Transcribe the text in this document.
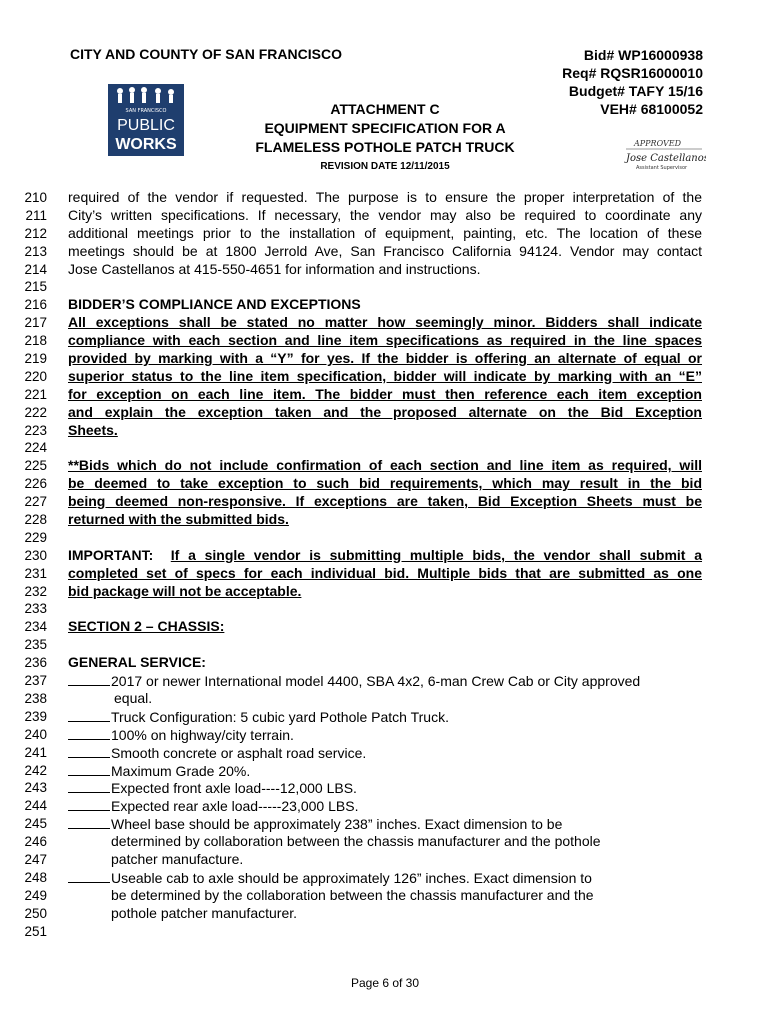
CITY AND COUNTY OF SAN FRANCISCO	Bid# WP16000938
Req# RQSR16000010
Budget# TAFY 15/16
VEH# 68100052
SAN FRANCISCO
PUBLIC
WORKS
ATTACHMENT C
EQUIPMENT SPECIFICATION FOR A
FLAMELESS POTHOLE PATCH TRUCK
REVISION DATE 12/11/2015
APPROVED
Jose Castellanos
Assistant Supervisor
210 required of the vendor if requested. The purpose is to ensure the proper interpretation of the
211 City’s written specifications. If necessary, the vendor may also be required to coordinate any
212 additional meetings prior to the installation of equipment, painting, etc. The location of these
213 meetings should be at 1800 Jerrold Ave, San Francisco California 94124. Vendor may contact
214 Jose Castellanos at 415-550-4651 for information and instructions.
215
216 BIDDER’S COMPLIANCE AND EXCEPTIONS
217 All exceptions shall be stated no matter how seemingly minor. Bidders shall indicate
218 compliance with each section and line item specifications as required in the line spaces
219 provided by marking with a “Y” for yes. If the bidder is offering an alternate of equal or
220 superior status to the line item specification, bidder will indicate by marking with an “E”
221 for exception on each line item. The bidder must then reference each item exception
222 and explain the exception taken and the proposed alternate on the Bid Exception
223 Sheets.
224
225 **Bids which do not include confirmation of each section and line item as required, will
226 be deemed to take exception to such bid requirements, which may result in the bid
227 being deemed non-responsive. If exceptions are taken, Bid Exception Sheets must be
228 returned with the submitted bids.
229
230 IMPORTANT:  If a single vendor is submitting multiple bids, the vendor shall submit a
231 completed set of specs for each individual bid. Multiple bids that are submitted as one
232 bid package will not be acceptable.
233
234 SECTION 2 – CHASSIS:
235
236 GENERAL SERVICE:
237	2017 or newer International model 4400, SBA 4x2, 6-man Crew Cab or City approved
238	equal.
239	Truck Configuration: 5 cubic yard Pothole Patch Truck.
240	100% on highway/city terrain.
241	Smooth concrete or asphalt road service.
242	Maximum Grade 20%.
243	Expected front axle load----12,000 LBS.
244	Expected rear axle load-----23,000 LBS.
245	Wheel base should be approximately 238” inches. Exact dimension to be
246	determined by collaboration between the chassis manufacturer and the pothole
247	patcher manufacture.
248	Useable cab to axle should be approximately 126” inches. Exact dimension to
249	be determined by the collaboration between the chassis manufacturer and the
250	pothole patcher manufacturer.
251
Page 6 of 30
